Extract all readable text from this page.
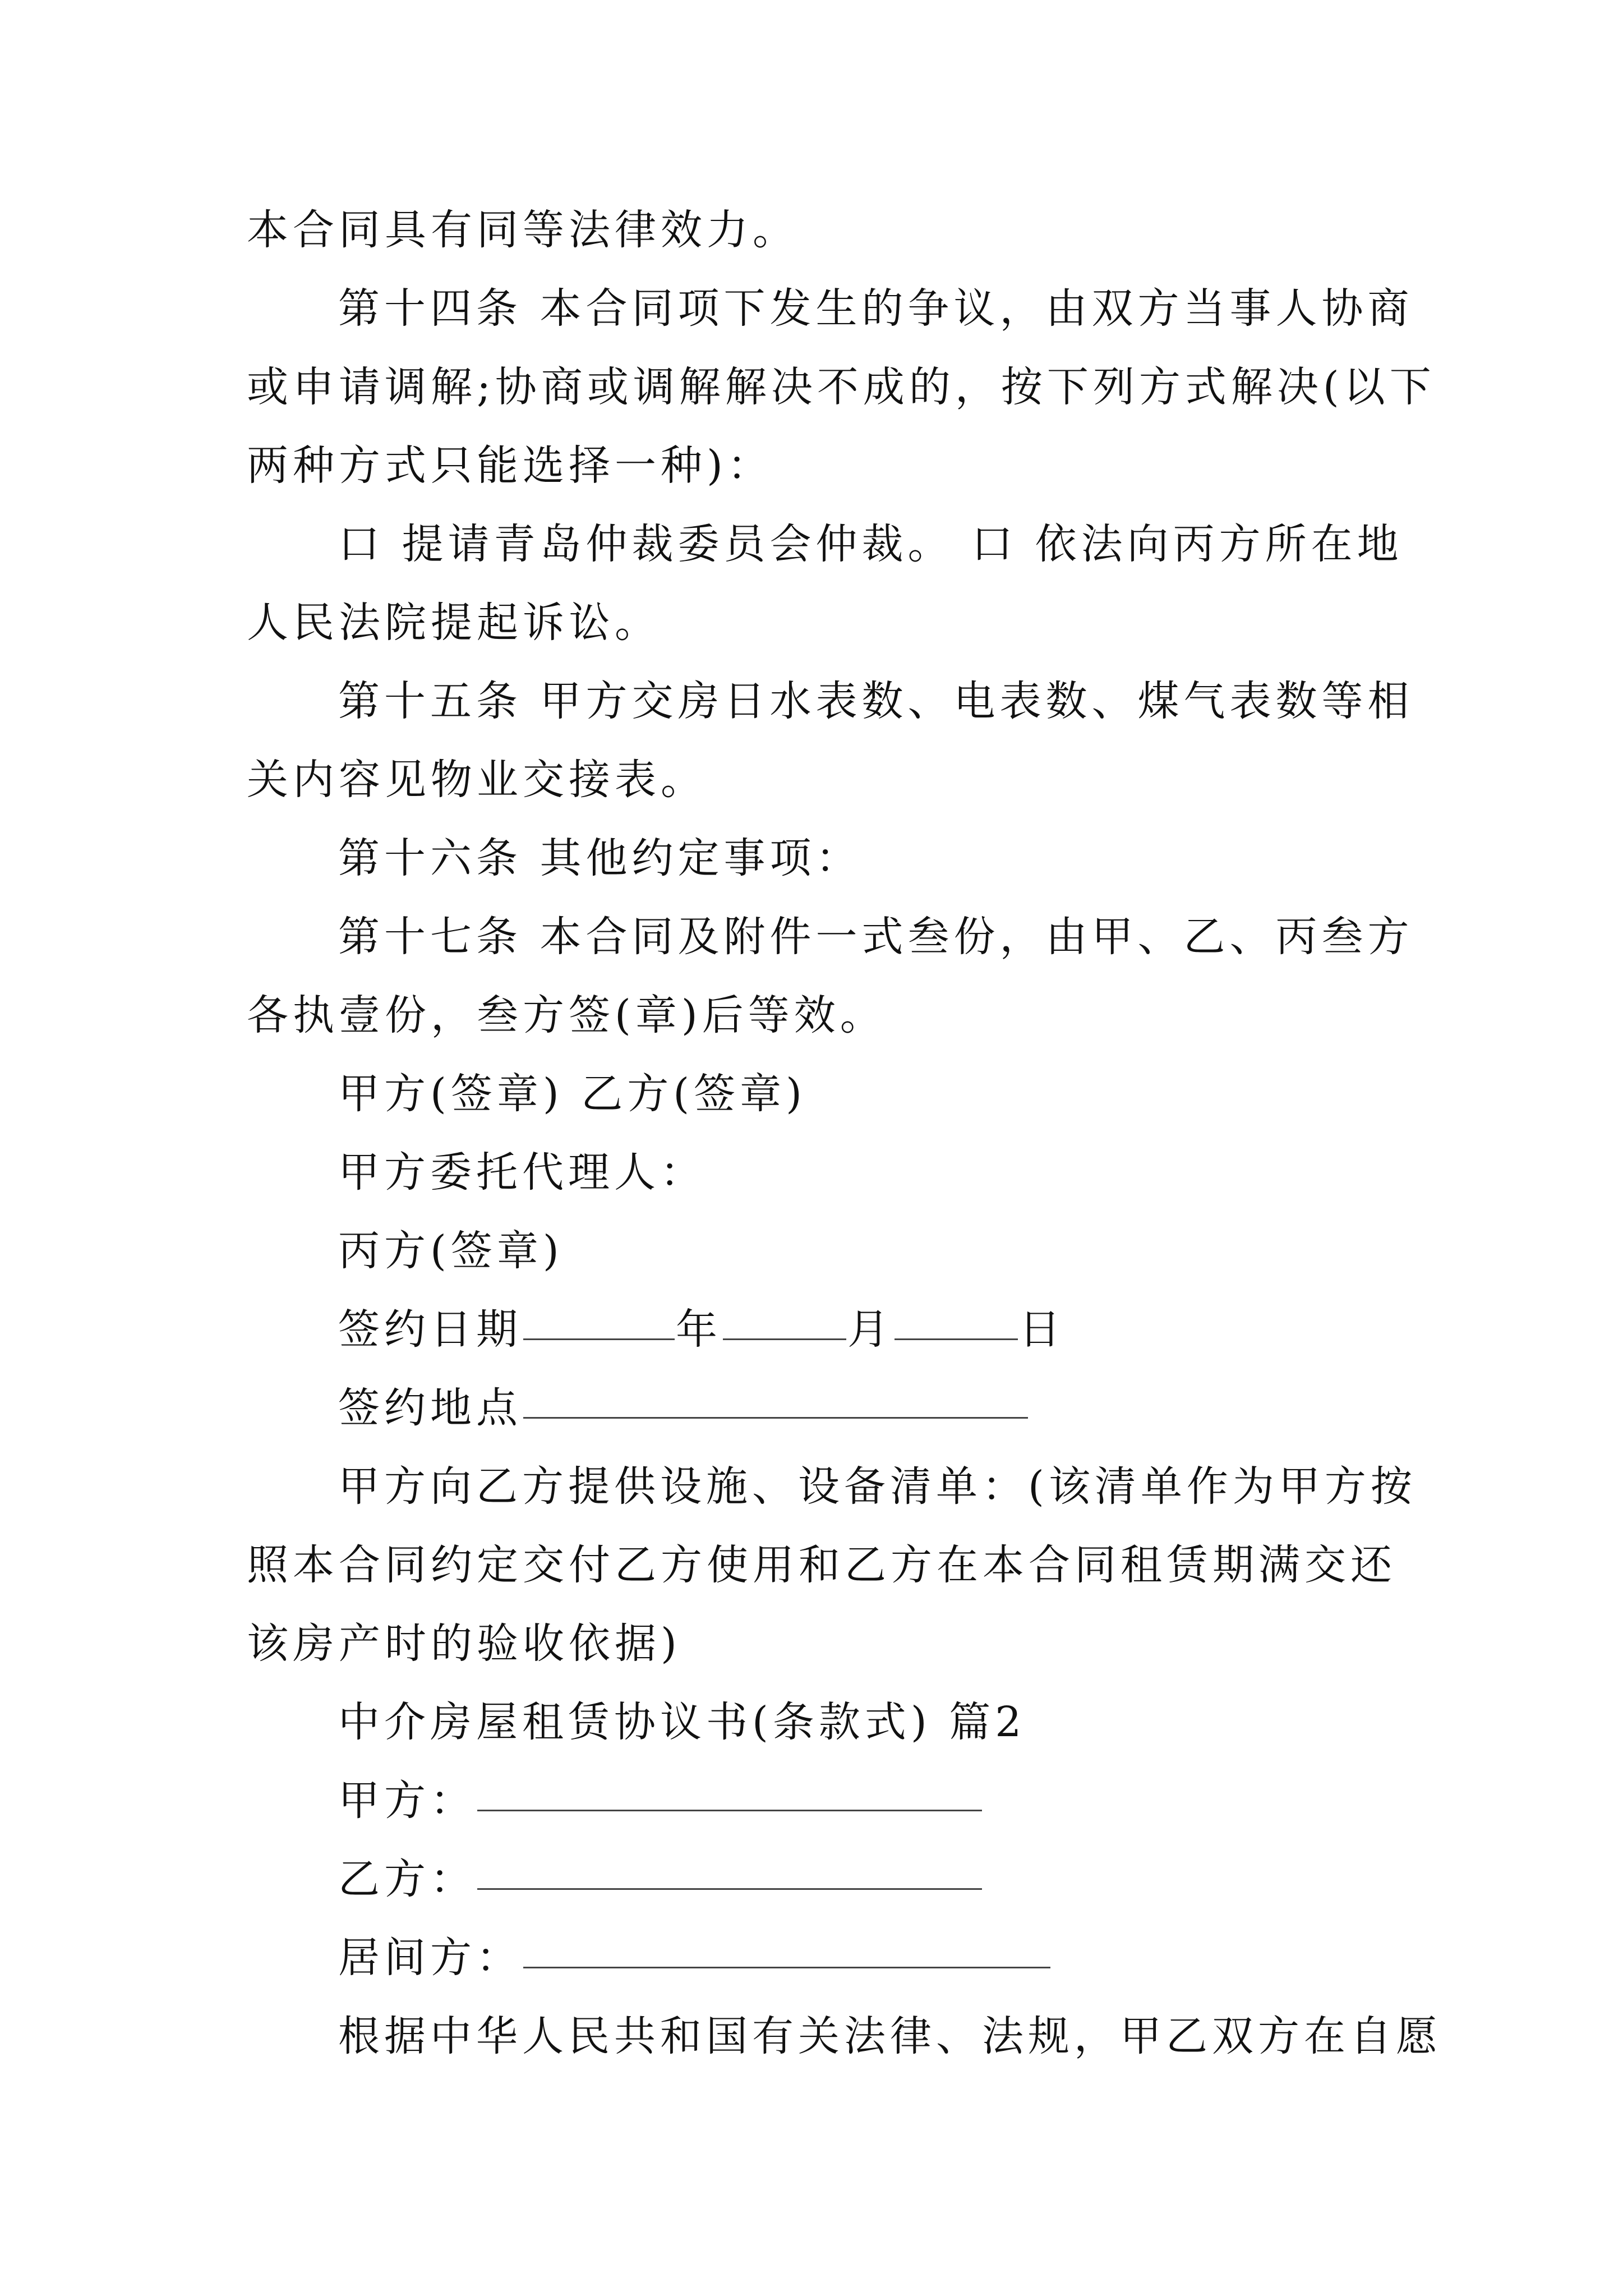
本合同具有同等法律效力。
第十四条 本合同项下发生的争议，由双方当事人协商
或申请调解;协商或调解解决不成的，按下列方式解决(以下
两种方式只能选择一种)：
口 提请青岛仲裁委员会仲裁。 口 依法向丙方所在地
人民法院提起诉讼。
第十五条 甲方交房日水表数、电表数、煤气表数等相
关内容见物业交接表。
第十六条 其他约定事项：
第十七条 本合同及附件一式叁份，由甲、乙、丙叁方
各执壹份，叁方签(章)后等效。
甲方(签章) 乙方(签章)
甲方委托代理人：
丙方(签章)
签约日期	年	月	日
签约地点
甲方向乙方提供设施、设备清单：(该清单作为甲方按
照本合同约定交付乙方使用和乙方在本合同租赁期满交还
该房产时的验收依据)
中介房屋租赁协议书(条款式) 篇2
甲方：
乙方：
居间方：
根据中华人民共和国有关法律、法规，甲乙双方在自愿
